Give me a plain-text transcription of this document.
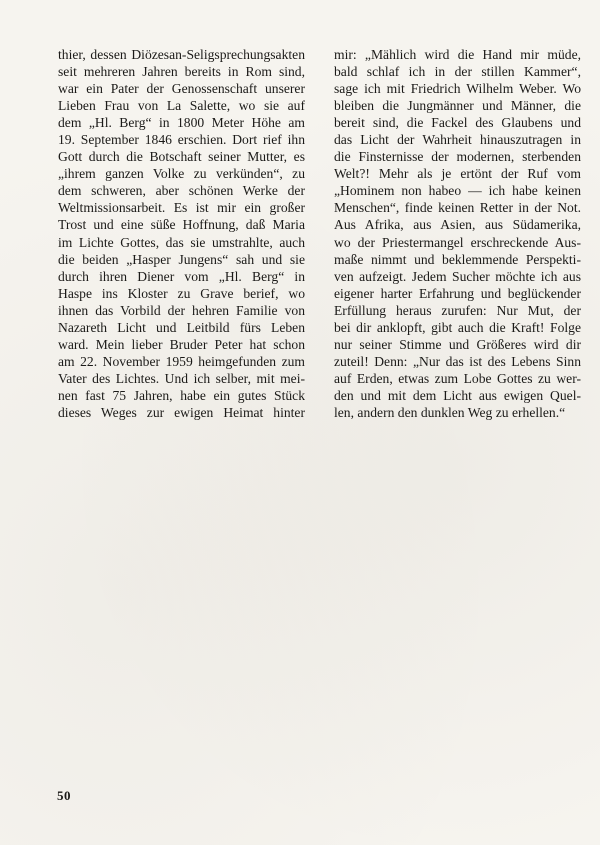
thier, dessen Diözesan-Seligsprechungsakten
seit mehreren Jahren bereits in Rom sind,
war ein Pater der Genossenschaft unserer
Lieben Frau von La Salette, wo sie auf
dem „Hl. Berg“ in 1800 Meter Höhe am
19. September 1846 erschien. Dort rief ihn
Gott durch die Botschaft seiner Mutter, es
„ihrem ganzen Volke zu verkünden“, zu
dem schweren, aber schönen Werke der
Weltmissionsarbeit. Es ist mir ein großer
Trost und eine süße Hoffnung, daß Maria
im Lichte Gottes, das sie umstrahlte, auch
die beiden „Hasper Jungens“ sah und sie
durch ihren Diener vom „Hl. Berg“ in
Haspe ins Kloster zu Grave berief, wo
ihnen das Vorbild der hehren Familie von
Nazareth Licht und Leitbild fürs Leben
ward. Mein lieber Bruder Peter hat schon
am 22. November 1959 heimgefunden zum
Vater des Lichtes. Und ich selber, mit mei-
nen fast 75 Jahren, habe ein gutes Stück
dieses Weges zur ewigen Heimat hinter
mir: „Mählich wird die Hand mir müde,
bald schlaf ich in der stillen Kammer“,
sage ich mit Friedrich Wilhelm Weber. Wo
bleiben die Jungmänner und Männer, die
bereit sind, die Fackel des Glaubens und
das Licht der Wahrheit hinauszutragen in
die Finsternisse der modernen, sterbenden
Welt?! Mehr als je ertönt der Ruf vom
„Hominem non habeo — ich habe keinen
Menschen“, finde keinen Retter in der Not.
Aus Afrika, aus Asien, aus Südamerika,
wo der Priestermangel erschreckende Aus-
maße nimmt und beklemmende Perspekti-
ven aufzeigt. Jedem Sucher möchte ich aus
eigener harter Erfahrung und beglückender
Erfüllung heraus zurufen: Nur Mut, der
bei dir anklopft, gibt auch die Kraft! Folge
nur seiner Stimme und Größeres wird dir
zuteil! Denn: „Nur das ist des Lebens Sinn
auf Erden, etwas zum Lobe Gottes zu wer-
den und mit dem Licht aus ewigen Quel-
len, andern den dunklen Weg zu erhellen.“
50
